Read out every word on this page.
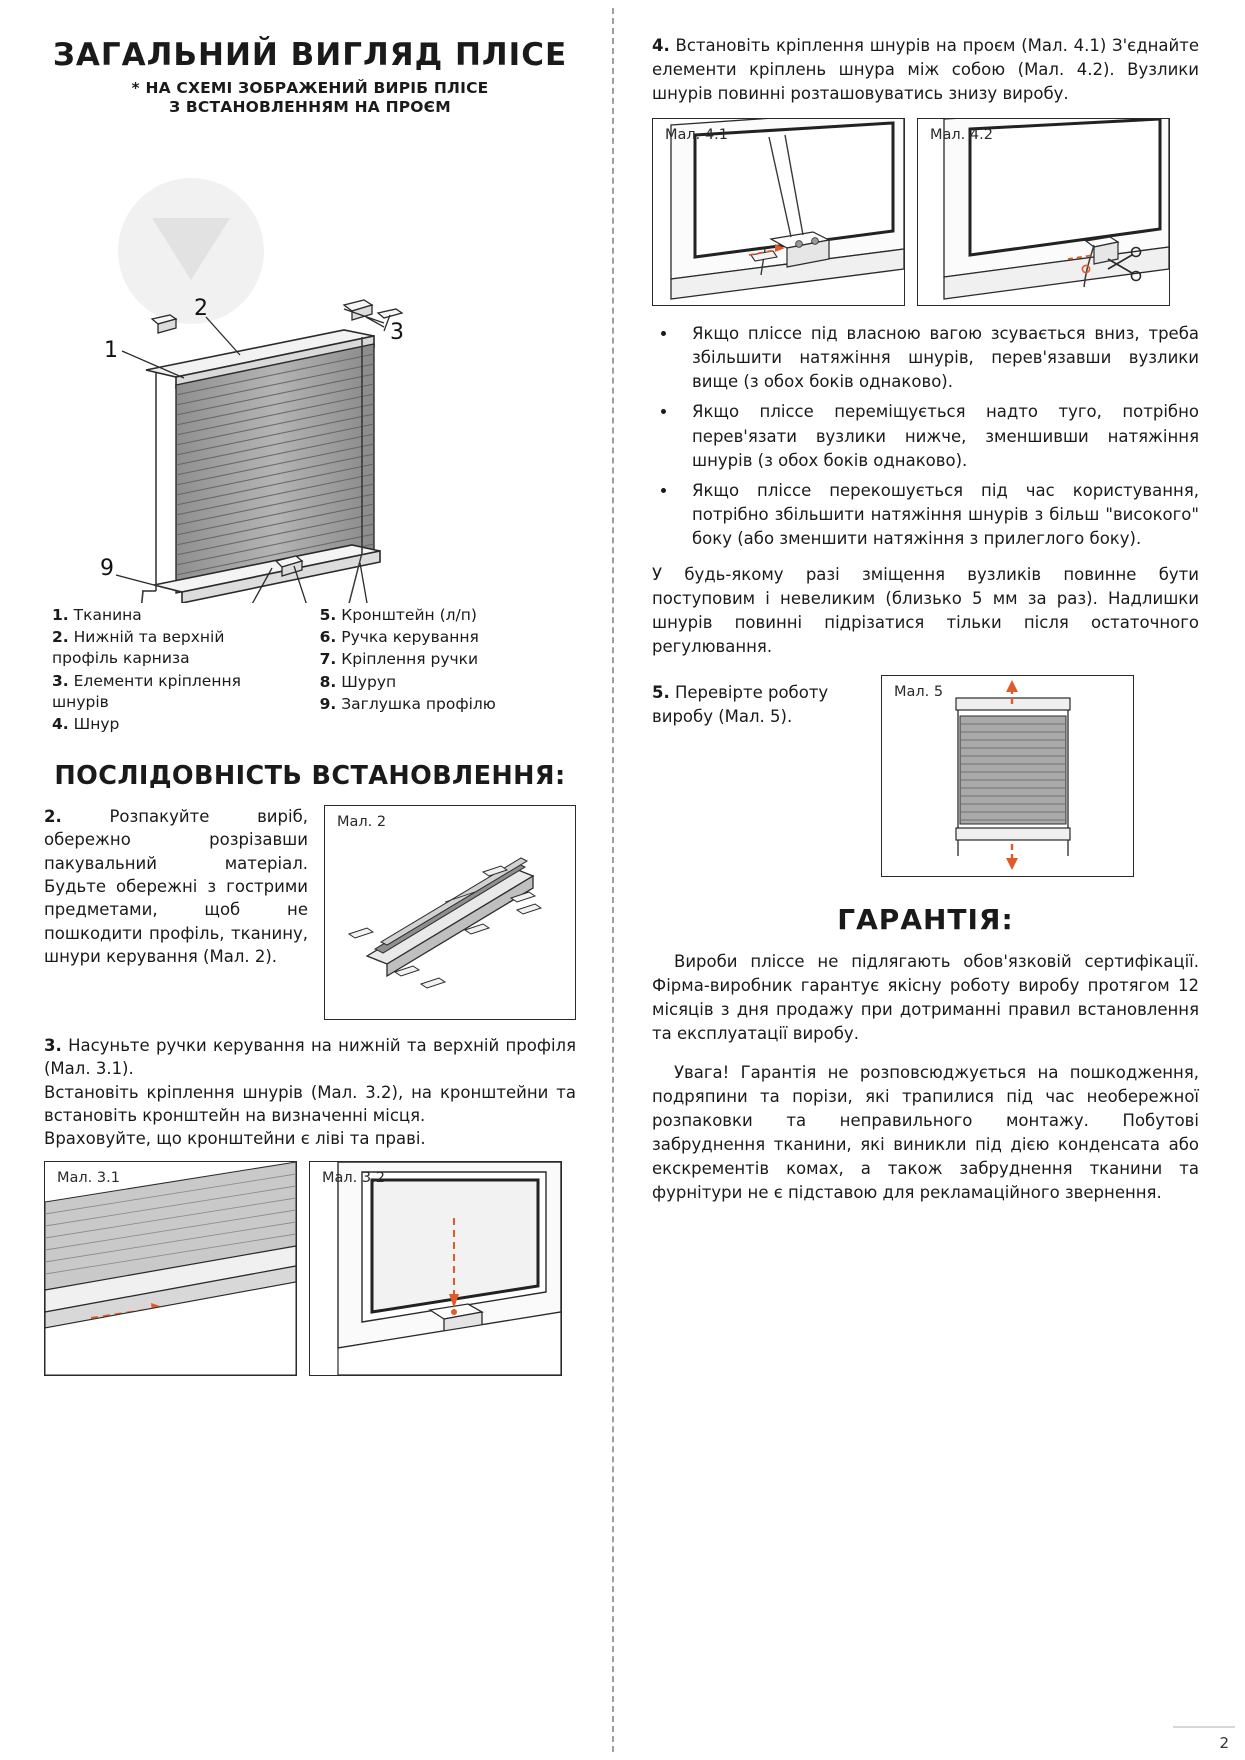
ЗАГАЛЬНИЙ ВИГЛЯД ПЛІСЕ
* НА СХЕМІ ЗОБРАЖЕНИЙ ВИРІБ ПЛІСЕ
З ВСТАНОВЛЕННЯМ НА ПРОЄМ
1
2
3
9
1. Тканина
2. Нижній та верхній профіль карниза
3. Елементи кріплення шнурів
4. Шнур
5. Кронштейн (л/п)
6. Ручка керування
7. Кріплення ручки
8. Шуруп
9. Заглушка профілю
ПОСЛІДОВНІСТЬ ВСТАНОВЛЕННЯ:
2.	Розпакуйте виріб, обережно розрізавши пакувальний матеріал. Будьте обережні з гострими предметами, щоб не пошкодити профіль, тканину, шнури керування (Мал. 2).
Мал. 2
3. Насуньте ручки керування на нижній та верхній профіля (Мал. 3.1).
Встановіть кріплення шнурів (Мал. 3.2), на кронштейни та встановіть кронштейн на визначенні місця.
Враховуйте, що кронштейни є ліві та праві.
Мал. 3.1	Мал. 3.2
4. Встановіть кріплення шнурів на проєм (Мал. 4.1) З'єднайте елементи кріплень шнура між собою (Мал. 4.2). Вузлики шнурів повинні розташовуватись знизу виробу.
Мал. 4.1	Мал. 4.2
• Якщо пліссе під власною вагою зсувається вниз, треба збільшити натяжіння шнурів, перев'язавши вузлики вище (з обох боків однаково).
• Якщо пліссе переміщується надто туго, потрібно перев'язати вузлики нижче, зменшивши натяжіння шнурів (з обох боків однаково).
• Якщо пліссе перекошується під час користування, потрібно збільшити натяжіння шнурів з більш "високого" боку (або зменшити натяжіння з прилеглого боку).

У будь-якому разі зміщення вузликів повинне бути поступовим і невеликим (близько 5 мм за раз). Надлишки шнурів повинні підрізатися тільки після остаточного регулювання.

5. Перевірте роботу виробу (Мал. 5).
Мал. 5
ГАРАНТІЯ:

Вироби пліссе не підлягають обов'язковій сертифікації. Фірма-виробник гарантує якісну роботу виробу протягом 12 місяців з дня продажу при дотриманні правил встановлення та експлуатації виробу.

Увага! Гарантія не розповсюджується на пошкодження, подряпини та порізи, які трапилися під час необережної розпаковки та неправильного монтажу. Побутові забруднення тканини, які виникли під дією конденсата або екскрементів комах, а також забруднення тканини та фурнітури не є підставою для рекламаційного звернення.

2
